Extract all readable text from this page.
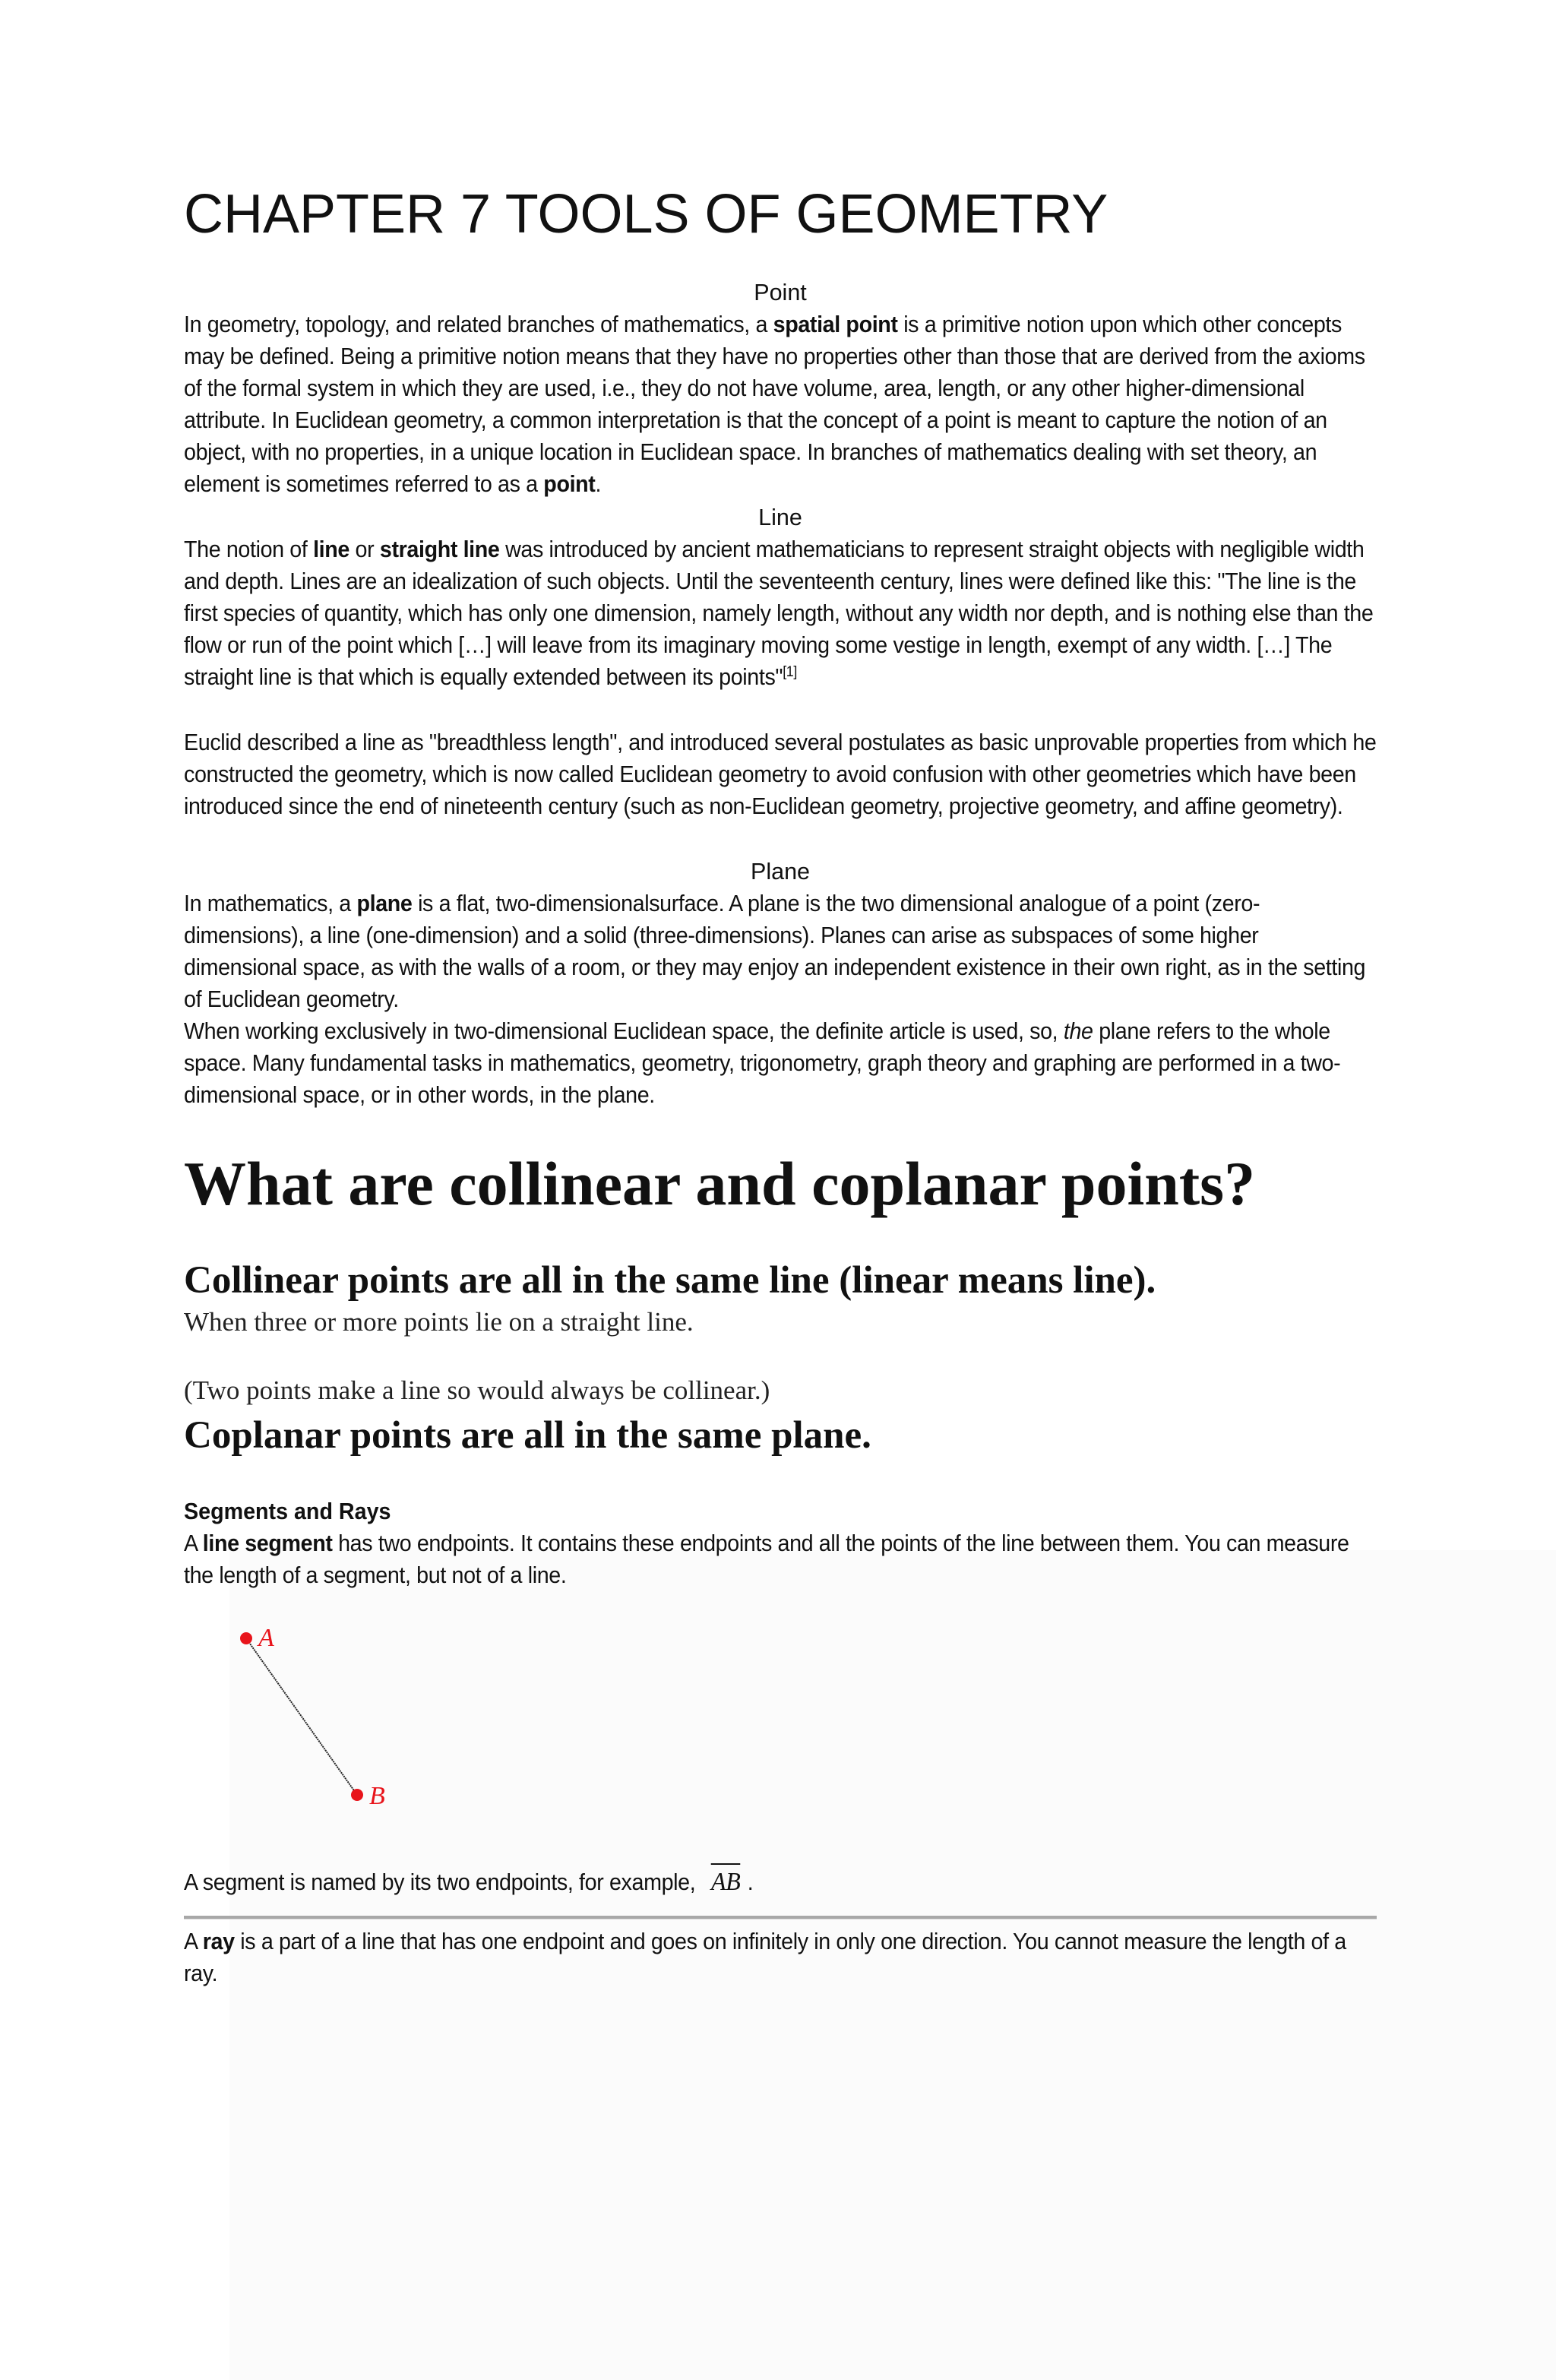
CHAPTER 7 TOOLS OF GEOMETRY
Point

In geometry, topology, and related branches of mathematics, a spatial point is a primitive notion upon which other concepts may be defined. Being a primitive notion means that they have no properties other than those that are derived from the axioms of the formal system in which they are used, i.e., they do not have volume, area, length, or any other higher-dimensional attribute. In Euclidean geometry, a common interpretation is that the concept of a point is meant to capture the notion of an object, with no properties, in a unique location in Euclidean space. In branches of mathematics dealing with set theory, an element is sometimes referred to as a point.

Line

The notion of line or straight line was introduced by ancient mathematicians to represent straight objects with negligible width and depth. Lines are an idealization of such objects. Until the seventeenth century, lines were defined like this: "The line is the first species of quantity, which has only one dimension, namely length, without any width nor depth, and is nothing else than the flow or run of the point which […] will leave from its imaginary moving some vestige in length, exempt of any width. […] The straight line is that which is equally extended between its points"[1]

Euclid described a line as "breadthless length", and introduced several postulates as basic unprovable properties from which he constructed the geometry, which is now called Euclidean geometry to avoid confusion with other geometries which have been introduced since the end of nineteenth century (such as non-Euclidean geometry, projective geometry, and affine geometry).

Plane

In mathematics, a plane is a flat, two-dimensionalsurface. A plane is the two dimensional analogue of a point (zero-dimensions), a line (one-dimension) and a solid (three-dimensions). Planes can arise as subspaces of some higher dimensional space, as with the walls of a room, or they may enjoy an independent existence in their own right, as in the setting of Euclidean geometry.

When working exclusively in two-dimensional Euclidean space, the definite article is used, so, the plane refers to the whole space. Many fundamental tasks in mathematics, geometry, trigonometry, graph theory and graphing are performed in a two-dimensional space, or in other words, in the plane.

What are collinear and coplanar points?
Collinear points are all in the same line (linear means line).

When three or more points lie on a straight line.

(Two points make a line so would always be collinear.)

Coplanar points are all in the same plane.
Segments and Rays

A line segment has two endpoints. It contains these endpoints and all the points of the line between them. You can measure the length of a segment, but not of a line.

A
B

A segment is named by its two endpoints, for example, AB .

A ray is a part of a line that has one endpoint and goes on infinitely in only one direction. You cannot measure the length of a ray.
